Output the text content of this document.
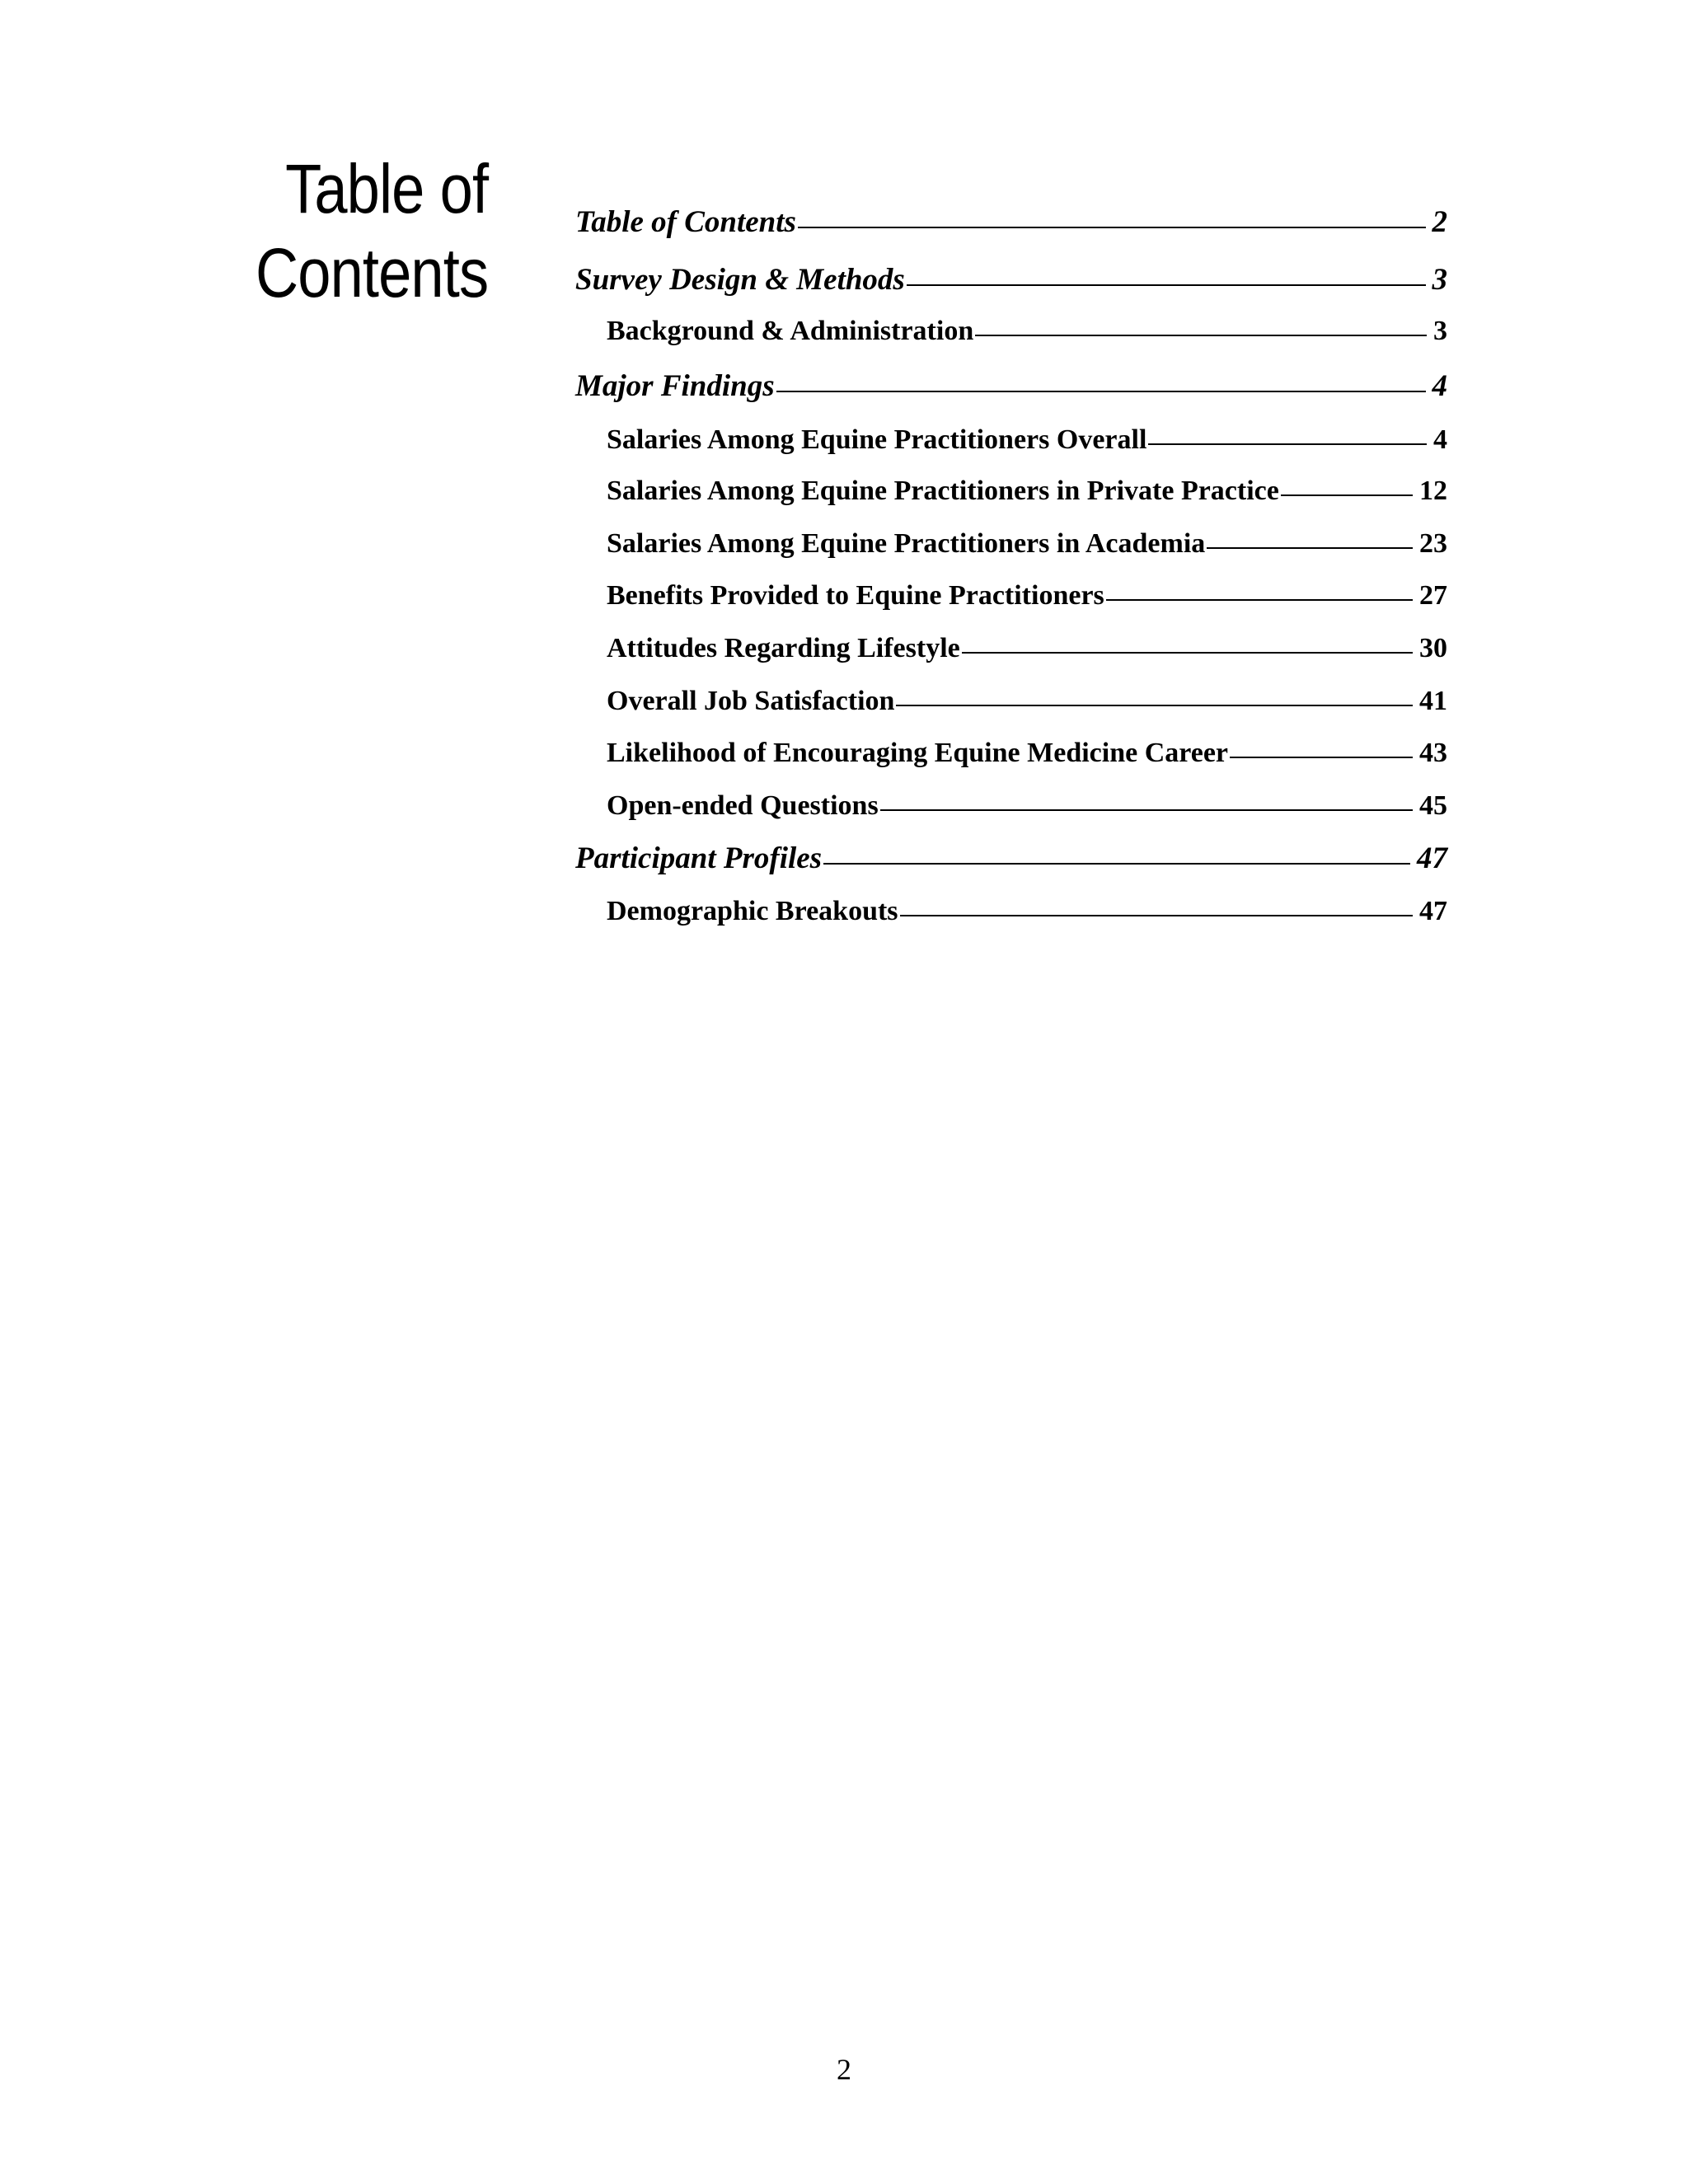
Table of
Contents
Table of Contents	2
Survey Design & Methods	3
Background & Administration	3
Major Findings	4
Salaries Among Equine Practitioners Overall	4
Salaries Among Equine Practitioners in Private Practice	12
Salaries Among Equine Practitioners in Academia	23
Benefits Provided to Equine Practitioners	27
Attitudes Regarding Lifestyle	30
Overall Job Satisfaction	41
Likelihood of Encouraging Equine Medicine Career	43
Open-ended Questions	45
Participant Profiles	47
Demographic Breakouts	47
2
